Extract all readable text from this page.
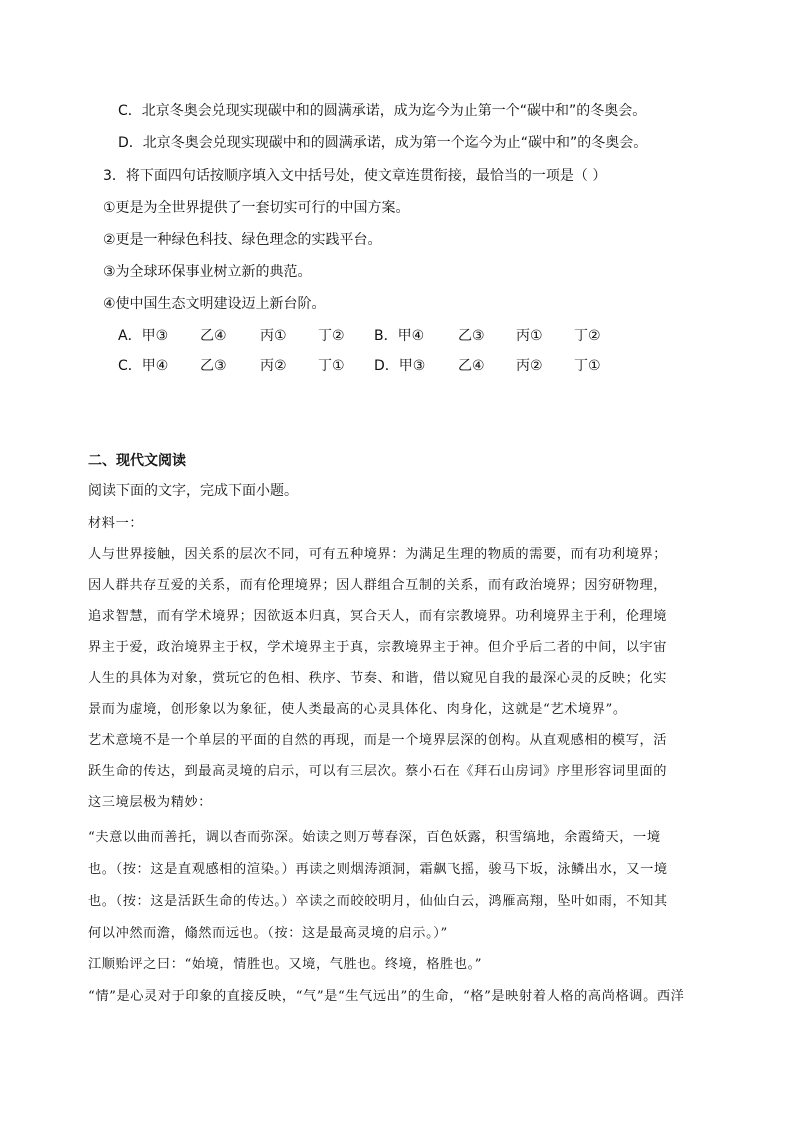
C．北京冬奥会兑现实现碳中和的圆满承诺，成为迄今为止第一个“碳中和”的冬奥会。
D．北京冬奥会兑现实现碳中和的圆满承诺，成为第一个迄今为止“碳中和”的冬奥会。
3．将下面四句话按顺序填入文中括号处，使文章连贯衔接，最恰当的一项是（ ）
①更是为全世界提供了一套切实可行的中国方案。
②更是一种绿色科技、绿色理念的实践平台。
③为全球环保事业树立新的典范。
④使中国生态文明建设迈上新台阶。
A．甲③ 乙④ 丙① 丁② B．甲④ 乙③ 丙① 丁②
C．甲④ 乙③ 丙② 丁① D．甲③ 乙④ 丙② 丁①
二、现代文阅读
阅读下面的文字，完成下面小题。
材料一：
人与世界接触，因关系的层次不同，可有五种境界：为满足生理的物质的需要，而有功利境界；
因人群共存互爱的关系，而有伦理境界；因人群组合互制的关系，而有政治境界；因穷研物理，
追求智慧，而有学术境界；因欲返本归真，冥合天人，而有宗教境界。功利境界主于利，伦理境
界主于爱，政治境界主于权，学术境界主于真，宗教境界主于神。但介乎后二者的中间，以宇宙
人生的具体为对象，赏玩它的色相、秩序、节奏、和谐，借以窥见自我的最深心灵的反映；化实
景而为虚境，创形象以为象征，使人类最高的心灵具体化、肉身化，这就是“艺术境界”。
艺术意境不是一个单层的平面的自然的再现，而是一个境界层深的创构。从直观感相的模写，活
跃生命的传达，到最高灵境的启示，可以有三层次。蔡小石在《拜石山房词》序里形容词里面的
这三境层极为精妙：
“夫意以曲而善托，调以杳而弥深。始读之则万萼春深，百色妖露，积雪缟地，余霞绮天，一境
也。（按：这是直观感相的渲染。）再读之则烟涛澒洞，霜飙飞摇，骏马下坂，泳鳞出水，又一境
也。（按：这是活跃生命的传达。）卒读之而皎皎明月，仙仙白云，鸿雁高翔，坠叶如雨，不知其
何以冲然而澹，翛然而远也。（按：这是最高灵境的启示。）”
江顺贻评之曰：“始境，情胜也。又境，气胜也。终境，格胜也。”
“情”是心灵对于印象的直接反映，“气”是“生气远出”的生命，“格”是映射着人格的高尚格调。西洋
